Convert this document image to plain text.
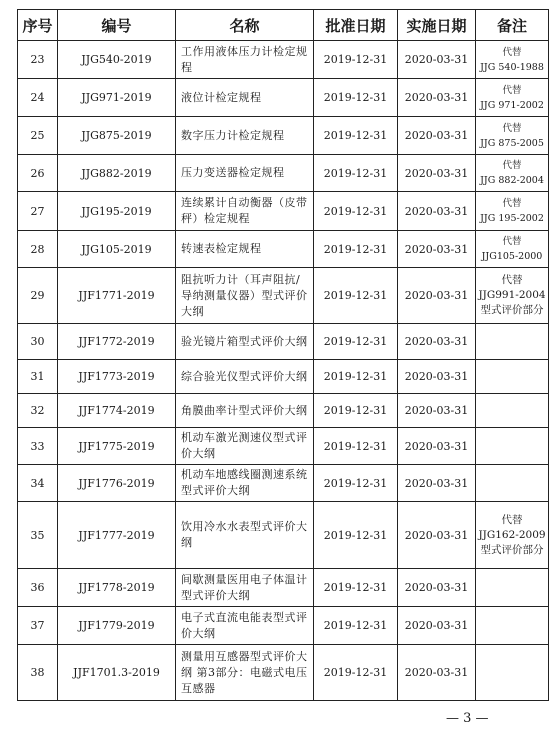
序号	编号	名称	批准日期	实施日期	备注
23	JJG540-2019	工作用液体压力计检定规程	2019-12-31	2020-03-31	代替
JJG 540-1988

24	JJG971-2019	液位计检定规程	2019-12-31	2020-03-31	代替
JJG 971-2002

25	JJG875-2019	数字压力计检定规程	2019-12-31	2020-03-31	代替
JJG 875-2005

26	JJG882-2019	压力变送器检定规程	2019-12-31	2020-03-31	代替
JJG 882-2004

27	JJG195-2019	连续累计自动衡器（皮带秤）检定规程	2019-12-31	2020-03-31	代替
JJG 195-2002

28	JJG105-2019	转速表检定规程	2019-12-31	2020-03-31	代替
JJG105-2000

29	JJF1771-2019	阻抗听力计（耳声阻抗/导纳测量仪器）型式评价大纲	2019-12-31	2020-03-31	代替
JJG991-2004
型式评价部分

30	JJF1772-2019	验光镜片箱型式评价大纲	2019-12-31	2020-03-31	
31	JJF1773-2019	综合验光仪型式评价大纲	2019-12-31	2020-03-31	
32	JJF1774-2019	角膜曲率计型式评价大纲	2019-12-31	2020-03-31	
33	JJF1775-2019	机动车激光测速仪型式评价大纲	2019-12-31	2020-03-31	
34	JJF1776-2019	机动车地感线圈测速系统型式评价大纲	2019-12-31	2020-03-31	
35	JJF1777-2019	饮用冷水水表型式评价大纲	2019-12-31	2020-03-31	代替
JJG162-2009
型式评价部分

36	JJF1778-2019	间歇测量医用电子体温计型式评价大纲	2019-12-31	2020-03-31	
37	JJF1779-2019	电子式直流电能表型式评价大纲	2019-12-31	2020-03-31	
38	JJF1701.3-2019	测量用互感器型式评价大纲 第3部分：电磁式电压互感器	2019-12-31	2020-03-31	
— 3 —
